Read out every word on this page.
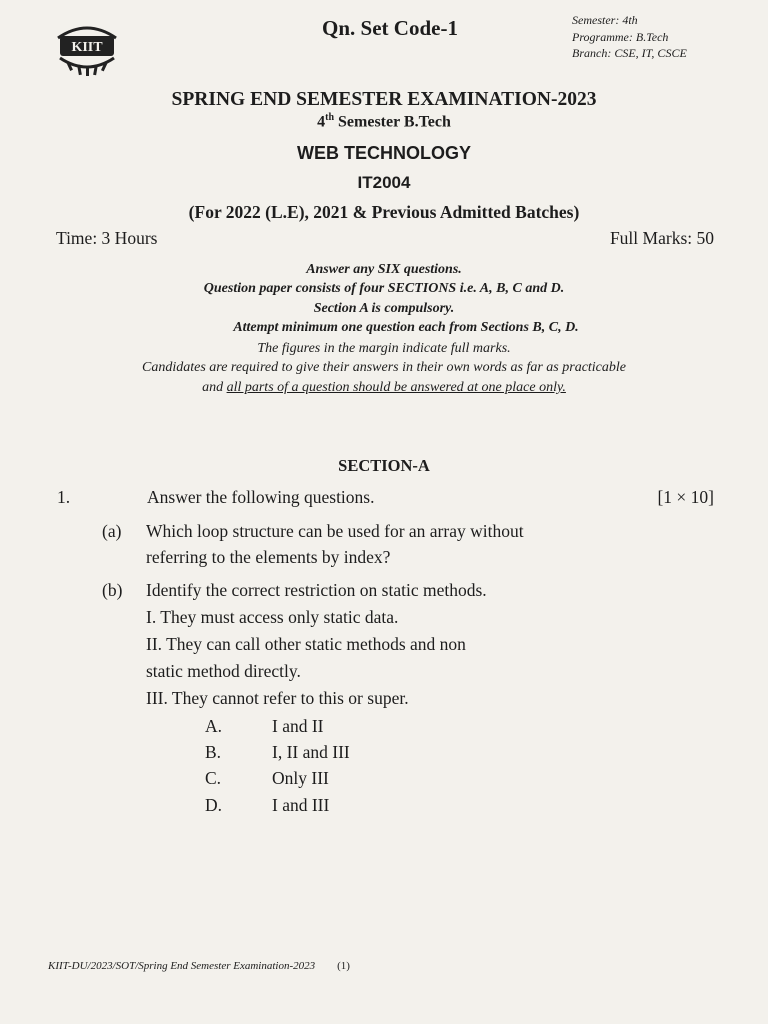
KIIT
Qn. Set Code-1	Semester: 4th
Programme: B.Tech
Branch: CSE, IT, CSCE
SPRING END SEMESTER EXAMINATION-2023
4th Semester B.Tech
WEB TECHNOLOGY
IT2004
(For 2022 (L.E), 2021 & Previous Admitted Batches)
Time: 3 Hours	Full Marks: 50
Answer any SIX questions.
Question paper consists of four SECTIONS i.e. A, B, C and D.
Section A is compulsory.
Attempt minimum one question each from Sections B, C, D.
The figures in the margin indicate full marks.
Candidates are required to give their answers in their own words as far as practicable
and all parts of a question should be answered at one place only.
SECTION-A
1.	Answer the following questions.	[1 × 10]
(a) Which loop structure can be used for an array without
referring to the elements by index?
(b) Identify the correct restriction on static methods.
I. They must access only static data.
II. They can call other static methods and non
static method directly.
III. They cannot refer to this or super.
A.	I and II
B.	I, II and III
C.	Only III
D.	I and III
KIIT-DU/2023/SOT/Spring End Semester Examination-2023 (1)
